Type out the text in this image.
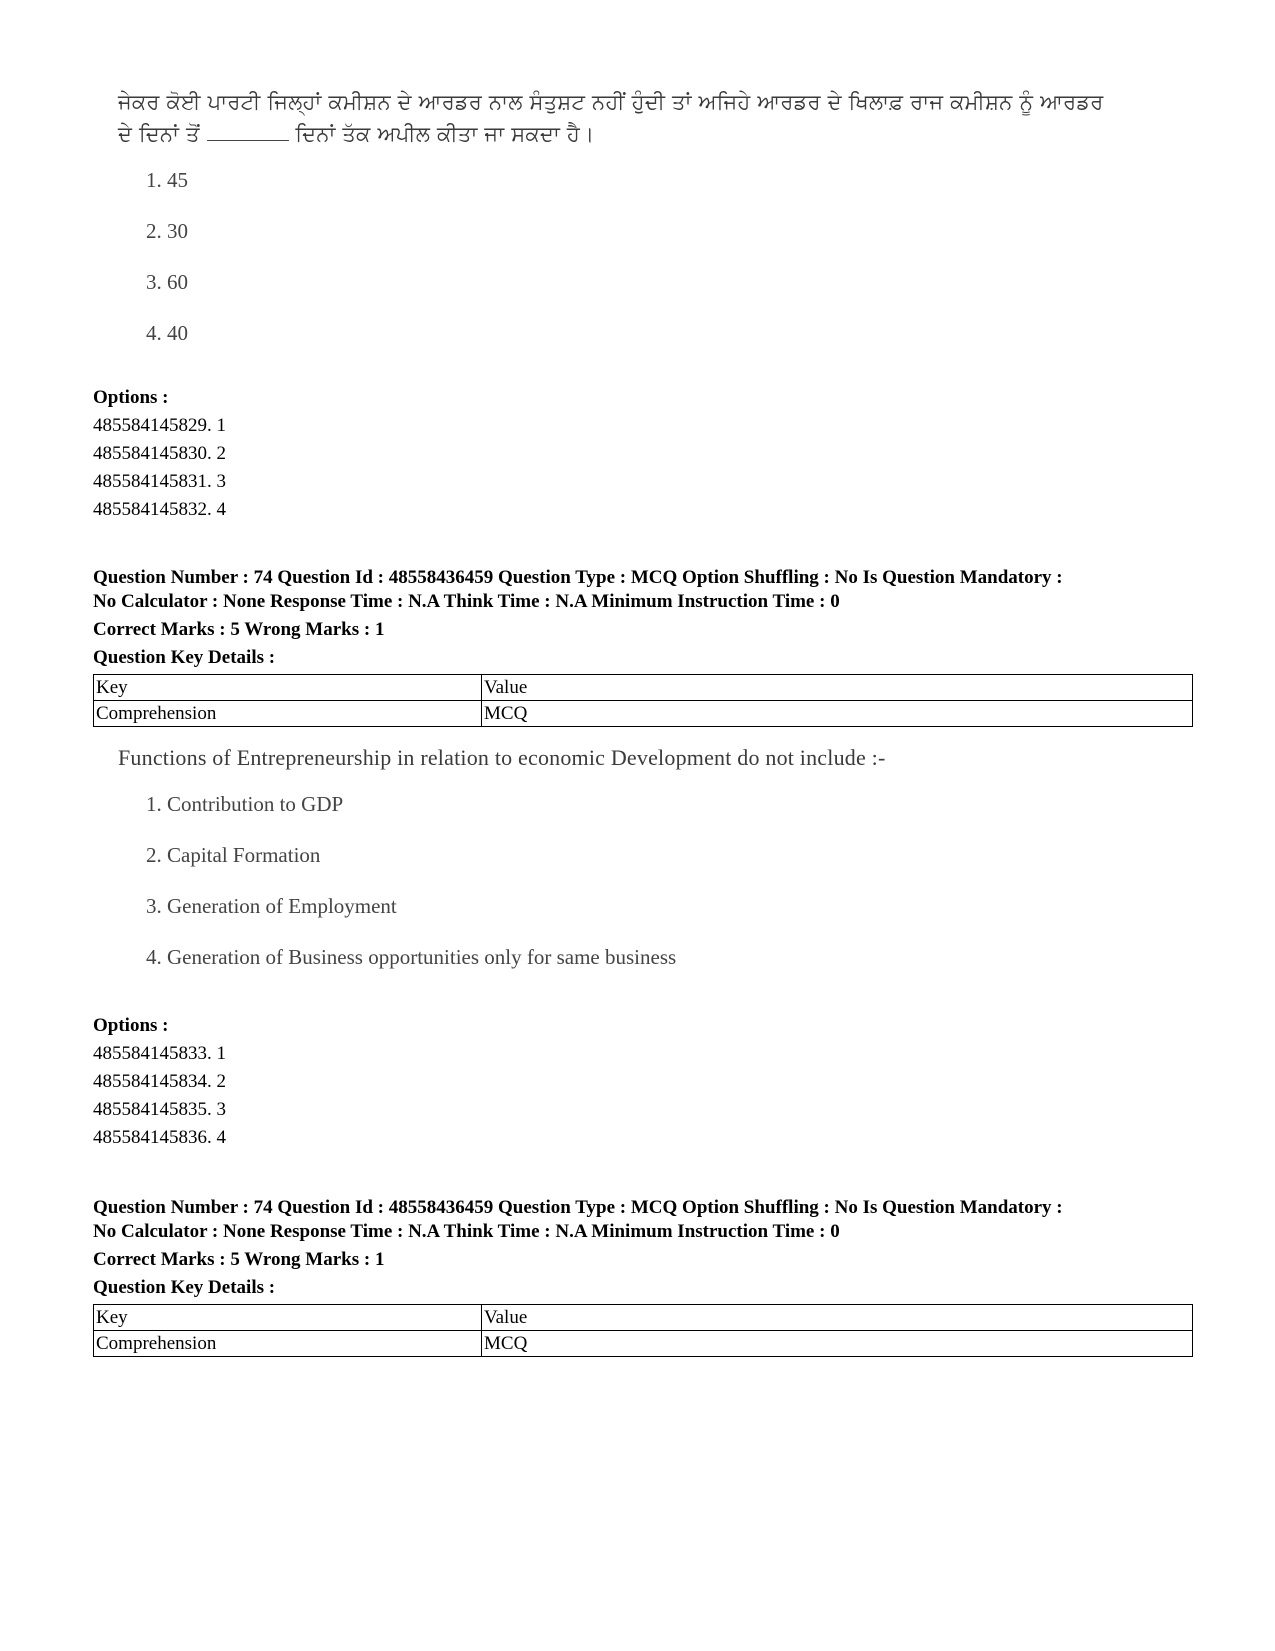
ਜੇਕਰ ਕੋਈ ਪਾਰਟੀ ਜਿਲ੍ਹਾਂ ਕਮੀਸ਼ਨ ਦੇ ਆਰਡਰ ਨਾਲ ਸੰਤੁਸ਼ਟ ਨਹੀਂ ਹੁੰਦੀ ਤਾਂ ਅਜਿਹੇ ਆਰਡਰ ਦੇ ਖਿਲਾਫ਼ ਰਾਜ ਕਮੀਸ਼ਨ ਨੂੰ ਆਰਡਰ
ਦੇ ਦਿਨਾਂ ਤੋਂ	ਦਿਨਾਂ ਤੱਕ ਅਪੀਲ ਕੀਤਾ ਜਾ ਸਕਦਾ ਹੈ।
1. 45
2. 30
3. 60
4. 40
Options :
485584145829. 1
485584145830. 2
485584145831. 3
485584145832. 4
Question Number : 74 Question Id : 48558436459 Question Type : MCQ Option Shuffling : No Is Question Mandatory :
No Calculator : None Response Time : N.A Think Time : N.A Minimum Instruction Time : 0
Correct Marks : 5 Wrong Marks : 1
Question Key Details :
Key	Value
Comprehension	MCQ
Functions of Entrepreneurship in relation to economic Development do not include :-
1. Contribution to GDP
2. Capital Formation
3. Generation of Employment
4. Generation of Business opportunities only for same business
Options :
485584145833. 1
485584145834. 2
485584145835. 3
485584145836. 4
Question Number : 74 Question Id : 48558436459 Question Type : MCQ Option Shuffling : No Is Question Mandatory :
No Calculator : None Response Time : N.A Think Time : N.A Minimum Instruction Time : 0
Correct Marks : 5 Wrong Marks : 1
Question Key Details :
Key	Value
Comprehension	MCQ
